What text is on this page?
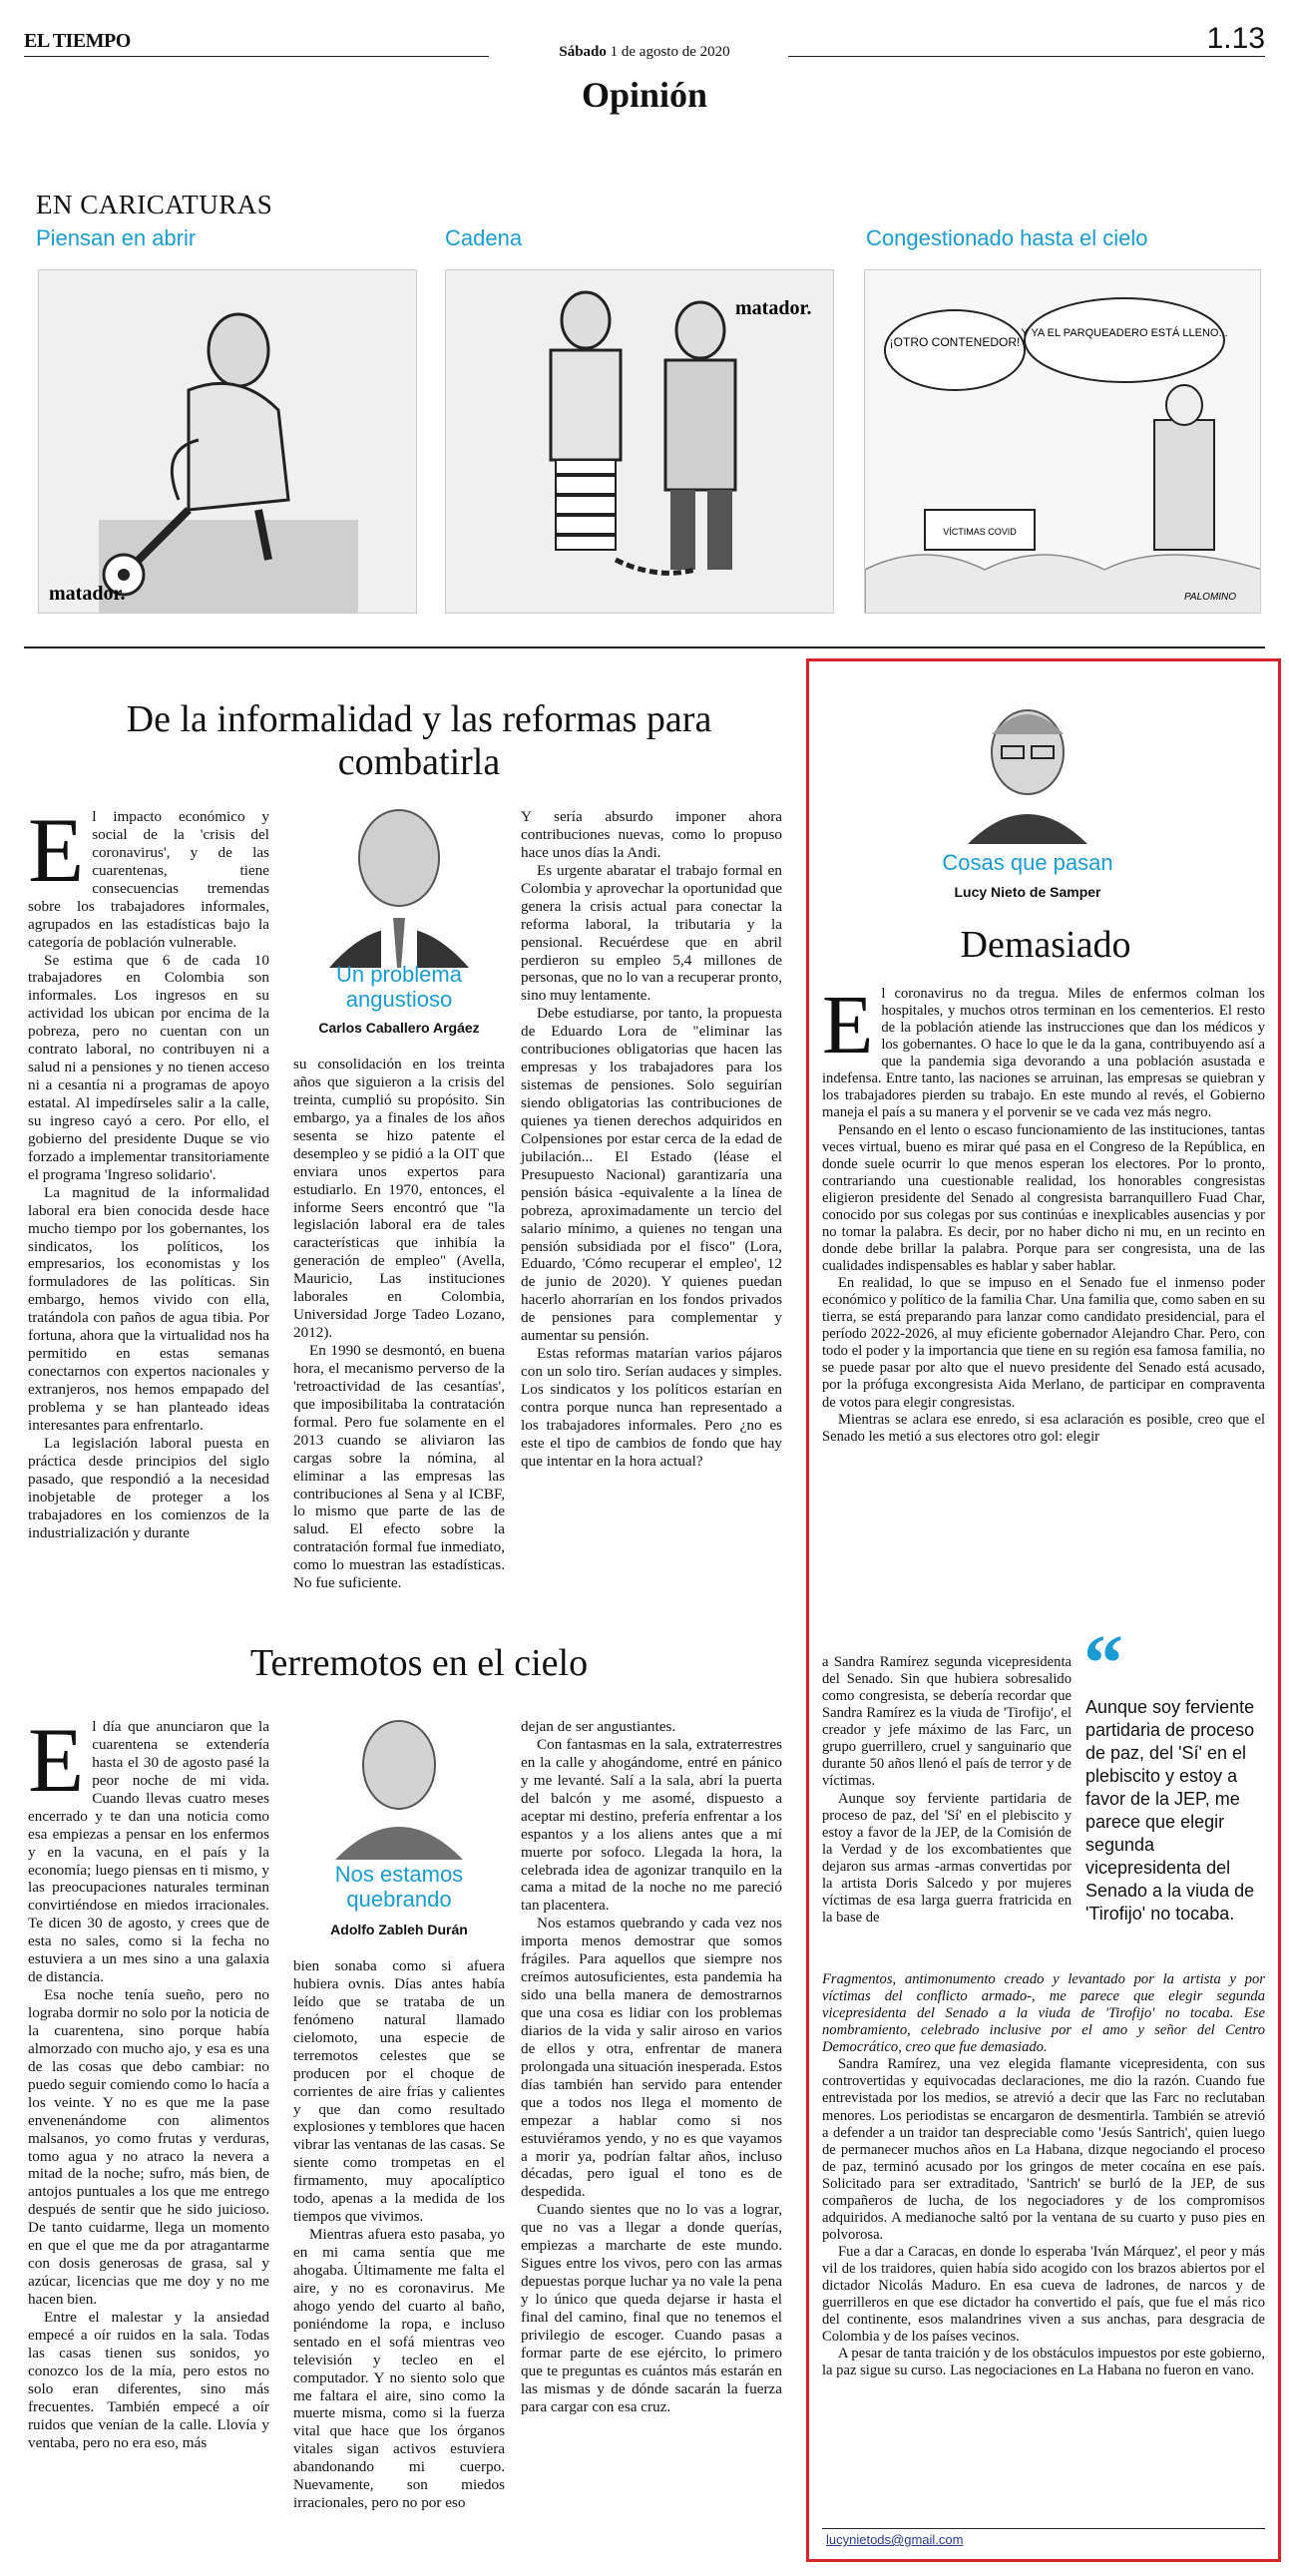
EL TIEMPO	Sábado 1 de agosto de 2020	1.13
Opinión
EN CARICATURAS
Piensan en abrir	Cadena	Congestionado hasta el cielo
matador.
matador.
¡OTRO CONTENEDOR!
Y YA EL PARQUEADERO ESTÁ LLENO...
VÍCTIMAS COVID
PALOMINO
De la informalidad y las reformas para combatirla

El impacto económico y social de la 'crisis del coronavirus', y de las cuarentenas, tiene consecuencias tremendas sobre los trabajadores informales, agrupados en las estadísticas bajo la categoría de población vulnerable.

Se estima que 6 de cada 10 trabajadores en Colombia son informales. Los ingresos en su actividad los ubican por encima de la pobreza, pero no cuentan con un contrato laboral, no contribuyen ni a salud ni a pensiones y no tienen acceso ni a cesantía ni a programas de apoyo estatal. Al impedírseles salir a la calle, su ingreso cayó a cero. Por ello, el gobierno del presidente Duque se vio forzado a implementar transitoriamente el programa 'Ingreso solidario'.

La magnitud de la informalidad laboral era bien conocida desde hace mucho tiempo por los gobernantes, los sindicatos, los políticos, los empresarios, los economistas y los formuladores de las políticas. Sin embargo, hemos vivido con ella, tratándola con paños de agua tibia. Por fortuna, ahora que la virtualidad nos ha permitido en estas semanas conectarnos con expertos nacionales y extranjeros, nos hemos empapado del problema y se han planteado ideas interesantes para enfrentarlo.

La legislación laboral puesta en práctica desde principios del siglo pasado, que respondió a la necesidad inobjetable de proteger a los trabajadores en los comienzos de la industrialización y durante

Un problema angustioso
Carlos Caballero Argáez

su consolidación en los treinta años que siguieron a la crisis del treinta, cumplió su propósito. Sin embargo, ya a finales de los años sesenta se hizo patente el desempleo y se pidió a la OIT que enviara unos expertos para estudiarlo. En 1970, entonces, el informe Seers encontró que "la legislación laboral era de tales características que inhibía la generación de empleo" (Avella, Mauricio, Las instituciones laborales en Colombia, Universidad Jorge Tadeo Lozano, 2012).

En 1990 se desmontó, en buena hora, el mecanismo perverso de la 'retroactividad de las cesantías', que imposibilitaba la contratación formal. Pero fue solamente en el 2013 cuando se aliviaron las cargas sobre la nómina, al eliminar a las empresas las contribuciones al Sena y al ICBF, lo mismo que parte de las de salud. El efecto sobre la contratación formal fue inmediato, como lo muestran las estadísticas. No fue suficiente.

Y sería absurdo imponer ahora contribuciones nuevas, como lo propuso hace unos días la Andi.

Es urgente abaratar el trabajo formal en Colombia y aprovechar la oportunidad que genera la crisis actual para conectar la reforma laboral, la tributaria y la pensional. Recuérdese que en abril perdieron su empleo 5,4 millones de personas, que no lo van a recuperar pronto, sino muy lentamente.

Debe estudiarse, por tanto, la propuesta de Eduardo Lora de "eliminar las contribuciones obligatorias que hacen las empresas y los trabajadores para los sistemas de pensiones. Solo seguirían siendo obligatorias las contribuciones de quienes ya tienen derechos adquiridos en Colpensiones por estar cerca de la edad de jubilación... El Estado (léase el Presupuesto Nacional) garantizaría una pensión básica -equivalente a la línea de pobreza, aproximadamente un tercio del salario mínimo, a quienes no tengan una pensión subsidiada por el fisco" (Lora, Eduardo, 'Cómo recuperar el empleo', 12 de junio de 2020). Y quienes puedan hacerlo ahorrarían en los fondos privados de pensiones para complementar y aumentar su pensión.

Estas reformas matarían varios pájaros con un solo tiro. Serían audaces y simples. Los sindicatos y los políticos estarían en contra porque nunca han representado a los trabajadores informales. Pero ¿no es este el tipo de cambios de fondo que hay que intentar en la hora actual?

Terremotos en el cielo

El día que anunciaron que la cuarentena se extendería hasta el 30 de agosto pasé la peor noche de mi vida. Cuando llevas cuatro meses encerrado y te dan una noticia como esa empiezas a pensar en los enfermos y en la vacuna, en el país y la economía; luego piensas en ti mismo, y las preocupaciones naturales terminan convirtiéndose en miedos irracionales. Te dicen 30 de agosto, y crees que de esta no sales, como si la fecha no estuviera a un mes sino a una galaxia de distancia.

Esa noche tenía sueño, pero no lograba dormir no solo por la noticia de la cuarentena, sino porque había almorzado con mucho ajo, y esa es una de las cosas que debo cambiar: no puedo seguir comiendo como lo hacía a los veinte. Y no es que me la pase envenenándome con alimentos malsanos, yo como frutas y verduras, tomo agua y no atraco la nevera a mitad de la noche; sufro, más bien, de antojos puntuales a los que me entrego después de sentir que he sido juicioso. De tanto cuidarme, llega un momento en que el que me da por atragantarme con dosis generosas de grasa, sal y azúcar, licencias que me doy y no me hacen bien.

Entre el malestar y la ansiedad empecé a oír ruidos en la sala. Todas las casas tienen sus sonidos, yo conozco los de la mía, pero estos no solo eran diferentes, sino más frecuentes. También empecé a oír ruidos que venían de la calle. Llovía y ventaba, pero no era eso, más

Nos estamos quebrando
Adolfo Zableh Durán

bien sonaba como si afuera hubiera ovnis. Días antes había leído que se trataba de un fenómeno natural llamado cielomoto, una especie de terremotos celestes que se producen por el choque de corrientes de aire frías y calientes y que dan como resultado explosiones y temblores que hacen vibrar las ventanas de las casas. Se siente como trompetas en el firmamento, muy apocalíptico todo, apenas a la medida de los tiempos que vivimos.

Mientras afuera esto pasaba, yo en mi cama sentía que me ahogaba. Últimamente me falta el aire, y no es coronavirus. Me ahogo yendo del cuarto al baño, poniéndome la ropa, e incluso sentado en el sofá mientras veo televisión y tecleo en el computador. Y no siento solo que me faltara el aire, sino como la muerte misma, como si la fuerza vital que hace que los órganos vitales sigan activos estuviera abandonando mi cuerpo. Nuevamente, son miedos irracionales, pero no por eso

dejan de ser angustiantes.

Con fantasmas en la sala, extraterrestres en la calle y ahogándome, entré en pánico y me levanté. Salí a la sala, abrí la puerta del balcón y me asomé, dispuesto a aceptar mi destino, prefería enfrentar a los espantos y a los aliens antes que a mí muerte por sofoco. Llegada la hora, la celebrada idea de agonizar tranquilo en la cama a mitad de la noche no me pareció tan placentera.

Nos estamos quebrando y cada vez nos importa menos demostrar que somos frágiles. Para aquellos que siempre nos creímos autosuficientes, esta pandemia ha sido una bella manera de demostrarnos que una cosa es lidiar con los problemas diarios de la vida y salir airoso en varios de ellos y otra, enfrentar de manera prolongada una situación inesperada. Estos días también han servido para entender que a todos nos llega el momento de empezar a hablar como si nos estuviéramos yendo, y no es que vayamos a morir ya, podrían faltar años, incluso décadas, pero igual el tono es de despedida.

Cuando sientes que no lo vas a lograr, que no vas a llegar a donde querías, empiezas a marcharte de este mundo. Sigues entre los vivos, pero con las armas depuestas porque luchar ya no vale la pena y lo único que queda dejarse ir hasta el final del camino, final que no tenemos el privilegio de escoger. Cuando pasas a formar parte de ese ejército, lo primero que te preguntas es cuántos más estarán en las mismas y de dónde sacarán la fuerza para cargar con esa cruz.

Cosas que pasan
Lucy Nieto de Samper
Demasiado

El coronavirus no da tregua. Miles de enfermos colman los hospitales, y muchos otros terminan en los cementerios. El resto de la población atiende las instrucciones que dan los médicos y los gobernantes. O hace lo que le da la gana, contribuyendo así a que la pandemia siga devorando a una población asustada e indefensa. Entre tanto, las naciones se arruinan, las empresas se quiebran y los trabajadores pierden su trabajo. En este mundo al revés, el Gobierno maneja el país a su manera y el porvenir se ve cada vez más negro.

Pensando en el lento o escaso funcionamiento de las instituciones, tantas veces virtual, bueno es mirar qué pasa en el Congreso de la República, en donde suele ocurrir lo que menos esperan los electores. Por lo pronto, contrariando una cuestionable realidad, los honorables congresistas eligieron presidente del Senado al congresista barranquillero Fuad Char, conocido por sus colegas por sus continúas e inexplicables ausencias y por no tomar la palabra. Es decir, por no haber dicho ni mu, en un recinto en donde debe brillar la palabra. Porque para ser congresista, una de las cualidades indispensables es hablar y saber hablar.

En realidad, lo que se impuso en el Senado fue el inmenso poder económico y político de la familia Char. Una familia que, como saben en su tierra, se está preparando para lanzar como candidato presidencial, para el período 2022-2026, al muy eficiente gobernador Alejandro Char. Pero, con todo el poder y la importancia que tiene en su región esa famosa familia, no se puede pasar por alto que el nuevo presidente del Senado está acusado, por la prófuga excongresista Aida Merlano, de participar en compraventa de votos para elegir congresistas.

Mientras se aclara ese enredo, si esa aclaración es posible, creo que el Senado les metió a sus electores otro gol: elegir

a Sandra Ramírez segunda vicepresidenta del Senado. Sin que hubiera sobresalido como congresista, se debería recordar que Sandra Ramírez es la viuda de 'Tirofijo', el creador y jefe máximo de las Farc, un grupo guerrillero, cruel y sanguinario que durante 50 años llenó el país de terror y de víctimas.

Aunque soy ferviente partidaria de proceso de paz, del 'Sí' en el plebiscito y estoy a favor de la JEP, de la Comisión de la Verdad y de los excombatientes que dejaron sus armas -armas convertidas por la artista Doris Salcedo y por mujeres víctimas de esa larga guerra fratricida en la base de

“
Aunque soy ferviente partidaria de proceso de paz, del 'Sí' en el plebiscito y estoy a favor de la JEP, me parece que elegir segunda vicepresidenta del Senado a la viuda de 'Tirofijo' no tocaba.

Fragmentos, antimonumento creado y levantado por la artista y por víctimas del conflicto armado-, me parece que elegir segunda vicepresidenta del Senado a la viuda de 'Tirofijo' no tocaba. Ese nombramiento, celebrado inclusive por el amo y señor del Centro Democrático, creo que fue demasiado.

Sandra Ramírez, una vez elegida flamante vicepresidenta, con sus controvertidas y equivocadas declaraciones, me dio la razón. Cuando fue entrevistada por los medios, se atrevió a decir que las Farc no reclutaban menores. Los periodistas se encargaron de desmentirla. También se atrevió a defender a un traidor tan despreciable como 'Jesús Santrich', quien luego de permanecer muchos años en La Habana, dizque negociando el proceso de paz, terminó acusado por los gringos de meter cocaína en ese país. Solicitado para ser extraditado, 'Santrich' se burló de la JEP, de sus compañeros de lucha, de los negociadores y de los compromisos adquiridos. A medianoche saltó por la ventana de su cuarto y puso pies en polvorosa.

Fue a dar a Caracas, en donde lo esperaba 'Iván Márquez', el peor y más vil de los traidores, quien había sido acogido con los brazos abiertos por el dictador Nicolás Maduro. En esa cueva de ladrones, de narcos y de guerrilleros en que ese dictador ha convertido el país, que fue el más rico del continente, esos malandrines viven a sus anchas, para desgracia de Colombia y de los países vecinos.

A pesar de tanta traición y de los obstáculos impuestos por este gobierno, la paz sigue su curso. Las negociaciones en La Habana no fueron en vano.

lucynietods@gmail.com
